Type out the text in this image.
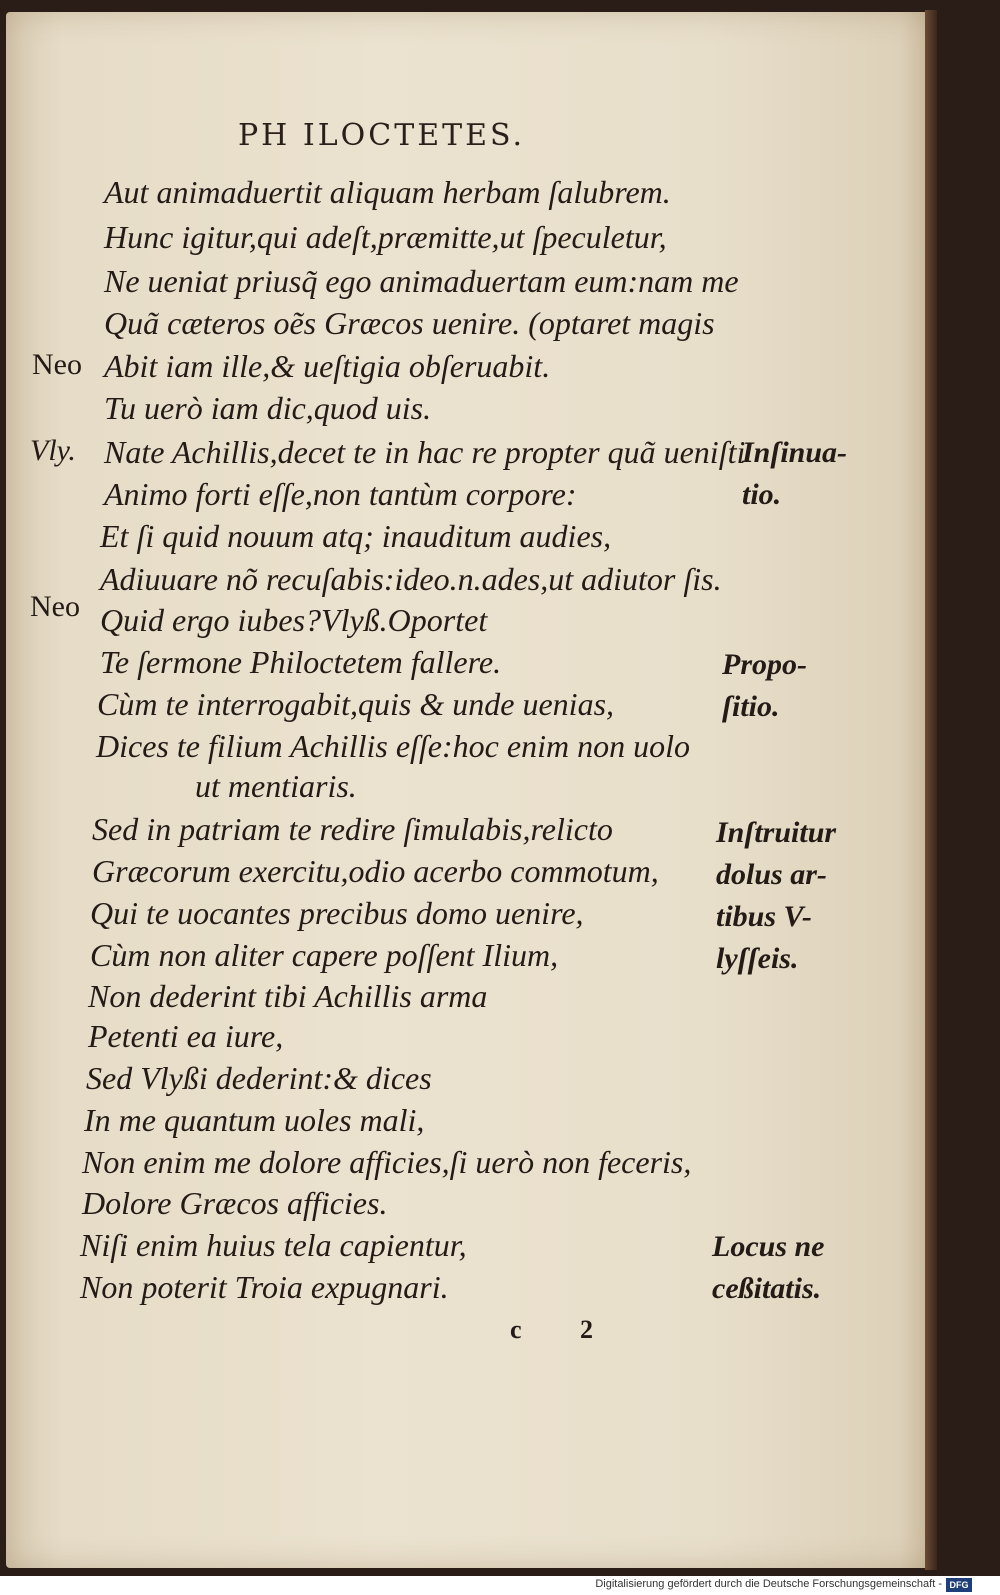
PH ILOCTETES.
Aut animaduertit aliquam herbam ſalubrem.
Hunc igitur,qui adeſt,præmitte,ut ſpeculetur,
Ne ueniat priusq̃ ego animaduertam eum:nam me
Quã cæteros oẽs Græcos uenire. (optaret magis
Abit iam ille,& ueſtigia obſeruabit.
Tu uerò iam dic,quod uis.
Nate Achillis,decet te in hac re propter quã ueniſti
Animo forti eſſe,non tantùm corpore:
Et ſi quid nouum atq; inauditum audies,
Adiuuare nõ recuſabis:ideo.n.ades,ut adiutor ſis.
Quid ergo iubes?Vlyß.Oportet
Te ſermone Philoctetem fallere.
Cùm te interrogabit,quis & unde uenias,
Dices te filium Achillis eſſe:hoc enim non uolo
ut mentiaris.
Sed in patriam te redire ſimulabis,relicto
Græcorum exercitu,odio acerbo commotum,
Qui te uocantes precibus domo uenire,
Cùm non aliter capere poſſent Ilium,
Non dederint tibi Achillis arma
Petenti ea iure,
Sed Vlyßi dederint:& dices
In me quantum uoles mali,
Non enim me dolore afficies,ſi uerò non feceris,
Dolore Græcos afficies.
Niſi enim huius tela capientur,
Non poterit Troia expugnari.
Neo
Vly.
Neo
Inſinua-
tio.
Propo-
ſitio.
Inſtruitur
dolus ar-
tibus V-
lyſſeis.
Locus ne
ceßitatis.
c 2
Digitalisierung gefördert durch die Deutsche Forschungsgemeinschaft - DFG
